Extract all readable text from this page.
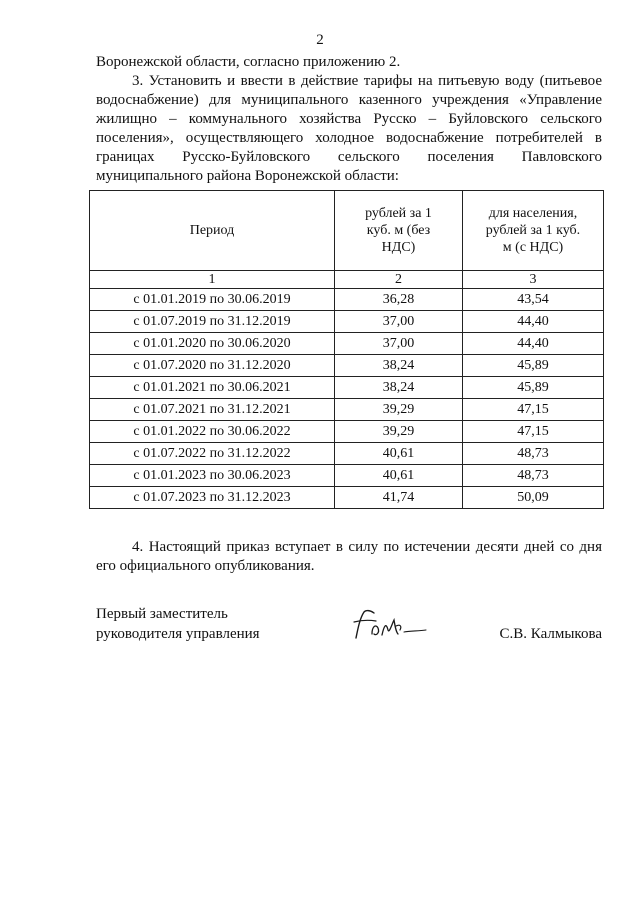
2
Воронежской области, согласно приложению 2.
3. Установить и ввести в действие тарифы на питьевую воду (питьевое водоснабжение) для муниципального казенного учреждения «Управление жилищно – коммунального хозяйства Русско – Буйловского сельского поселения», осуществляющего холодное водоснабжение потребителей в границах Русско-Буйловского сельского поселения Павловского муниципального района Воронежской области:
Период	рублей за 1 куб. м (без НДС)	для населения, рублей за 1 куб. м (с НДС)

1	2	3
с 01.01.2019 по 30.06.2019	36,28	43,54
с 01.07.2019 по 31.12.2019	37,00	44,40
с 01.01.2020 по 30.06.2020	37,00	44,40
с 01.07.2020 по 31.12.2020	38,24	45,89
с 01.01.2021 по 30.06.2021	38,24	45,89
с 01.07.2021 по 31.12.2021	39,29	47,15
с 01.01.2022 по 30.06.2022	39,29	47,15
с 01.07.2022 по 31.12.2022	40,61	48,73
с 01.01.2023 по 30.06.2023	40,61	48,73
с 01.07.2023 по 31.12.2023	41,74	50,09
4. Настоящий приказ вступает в силу по истечении десяти дней со дня его официального опубликования.
Первый заместитель
руководителя управления	С.В. Калмыкова
